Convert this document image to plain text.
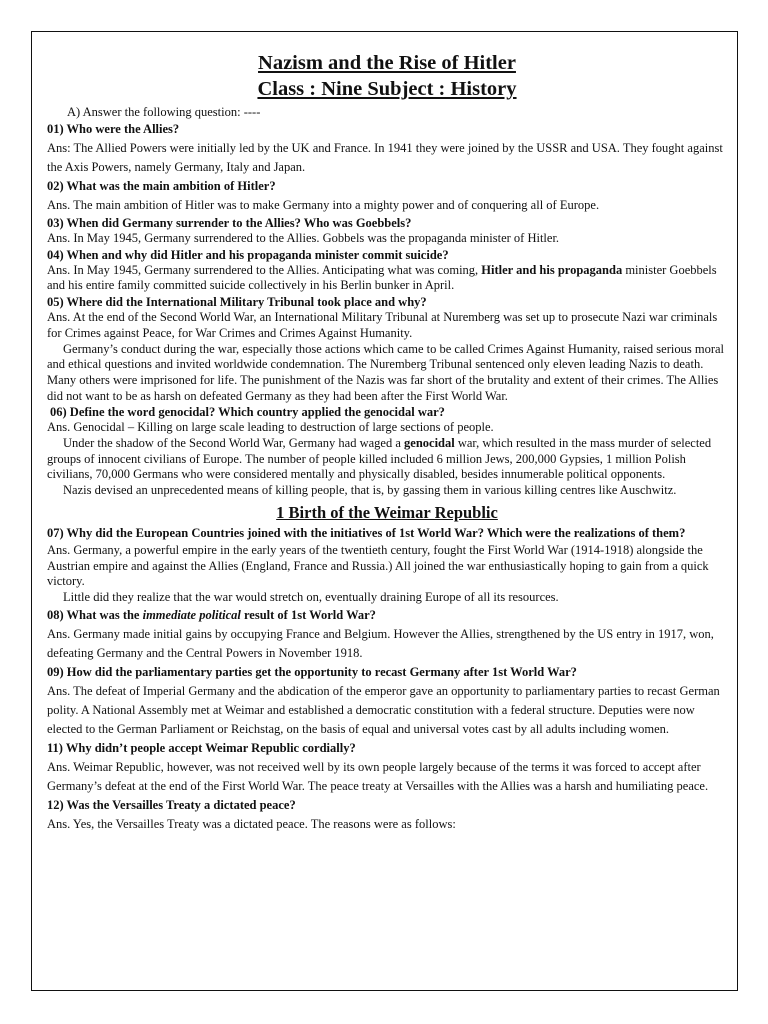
Nazism and the Rise of Hitler

Class : Nine Subject : History

A) Answer the following question: ----

01) Who were the Allies?

Ans: The Allied Powers were initially led by the UK and France. In 1941 they were joined by the USSR and USA. They fought against the Axis Powers, namely Germany, Italy and Japan.

02) What was the main ambition of Hitler?

Ans. The main ambition of Hitler was to make Germany into a mighty power and of conquering all of Europe.

03) When did Germany surrender to the Allies? Who was Goebbels?

Ans. In May 1945, Germany surrendered to the Allies. Gobbels was the propaganda minister of Hitler.

04) When and why did Hitler and his propaganda minister commit suicide?

Ans. In May 1945, Germany surrendered to the Allies. Anticipating what was coming, Hitler and his propaganda minister Goebbels and his entire family committed suicide collectively in his Berlin bunker in April.

05) Where did the International Military Tribunal took place and why?

Ans. At the end of the Second World War, an International Military Tribunal at Nuremberg was set up to prosecute Nazi war criminals for Crimes against Peace, for War Crimes and Crimes Against Humanity.

Germany’s conduct during the war, especially those actions which came to be called Crimes Against Humanity, raised serious moral and ethical questions and invited worldwide condemnation. The Nuremberg Tribunal sentenced only eleven leading Nazis to death. Many others were imprisoned for life. The punishment of the Nazis was far short of the brutality and extent of their crimes. The Allies did not want to be as harsh on defeated Germany as they had been after the First World War.

06) Define the word genocidal? Which country applied the genocidal war?

Ans. Genocidal – Killing on large scale leading to destruction of large sections of people.

Under the shadow of the Second World War, Germany had waged a genocidal war, which resulted in the mass murder of selected groups of innocent civilians of Europe. The number of people killed included 6 million Jews, 200,000 Gypsies, 1 million Polish civilians, 70,000 Germans who were considered mentally and physically disabled, besides innumerable political opponents.

Nazis devised an unprecedented means of killing people, that is, by gassing them in various killing centres like Auschwitz.

1 Birth of the Weimar Republic

07) Why did the European Countries joined with the initiatives of 1st World War? Which were the realizations of them?

Ans. Germany, a powerful empire in the early years of the twentieth century, fought the First World War (1914-1918) alongside the Austrian empire and against the Allies (England, France and Russia.) All joined the war enthusiastically hoping to gain from a quick victory.

Little did they realize that the war would stretch on, eventually draining Europe of all its resources.

08) What was the immediate political result of 1st World War?

Ans. Germany made initial gains by occupying France and Belgium. However the Allies, strengthened by the US entry in 1917, won, defeating Germany and the Central Powers in November 1918.

09) How did the parliamentary parties get the opportunity to recast Germany after 1st World War?

Ans. The defeat of Imperial Germany and the abdication of the emperor gave an opportunity to parliamentary parties to recast German polity. A National Assembly met at Weimar and established a democratic constitution with a federal structure. Deputies were now elected to the German Parliament or Reichstag, on the basis of equal and universal votes cast by all adults including women.

11) Why didn’t people accept Weimar Republic cordially?

Ans. Weimar Republic, however, was not received well by its own people largely because of the terms it was forced to accept after Germany’s defeat at the end of the First World War. The peace treaty at Versailles with the Allies was a harsh and humiliating peace.

12) Was the Versailles Treaty a dictated peace?

Ans. Yes, the Versailles Treaty was a dictated peace. The reasons were as follows:
